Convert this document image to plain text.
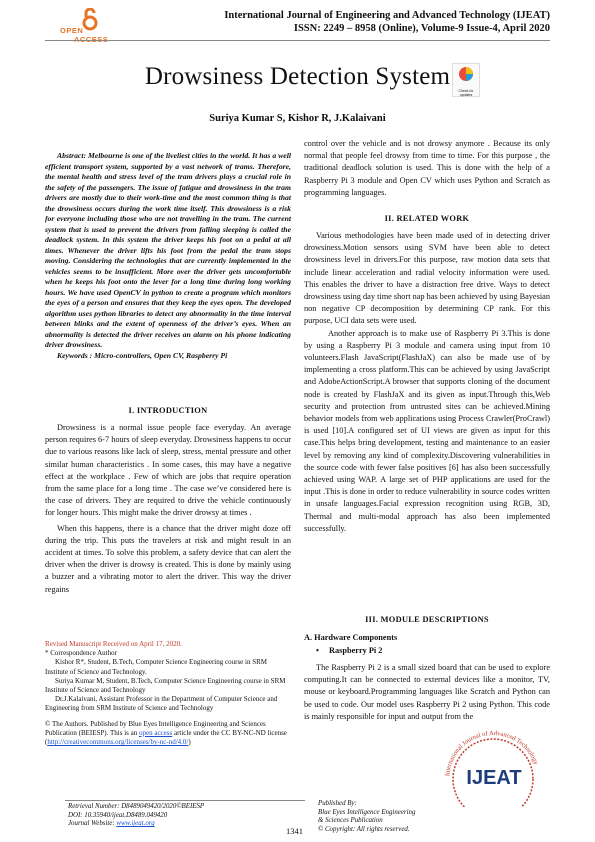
OPEN
International Journal of Engineering and Advanced Technology (IJEAT)
ISSN: 2249 – 8958 (Online), Volume-9 Issue-4, April 2020
Drowsiness Detection System
Check for updates
Suriya Kumar S, Kishor R, J.Kalaivani

Abstract: Melbourne is one of the liveliest cities in the world. It has a well efficient transport system, supported by a vast network of trams. Therefore, the mental health and stress level of the tram drivers plays a crucial role in the safety of the passengers. The issue of fatigue and drowsiness in the tram drivers are mostly due to their work-time and the most common thing is that the drowsiness occurs during the work time itself. This drowsiness is a risk for everyone including those who are not travelling in the tram. The current system that is used to prevent the drivers from falling sleeping is called the deadlock system. In this system the driver keeps his foot on a pedal at all times. Whenever the driver lifts his foot from the pedal the tram stops moving. Considering the technologies that are currently implemented in the vehicles seems to be insufficient. More over the driver gets uncomfortable when he keeps his foot onto the lever for a long time during long working hours. We have used OpenCV in python to create a program which monitors the eyes of a person and ensures that they keep the eyes open. The developed algorithm uses python libraries to detect any abnormality in the time interval between blinks and the extent of openness of the driver’s eyes. When an abnormality is detected the driver receives an alarm on his phone indicating driver drowsiness.

Keywords : Micro-controllers, Open CV, Raspberry Pi

I. INTRODUCTION

Drowsiness is a normal issue people face everyday. An average person requires 6-7 hours of sleep everyday. Drowsiness happens to occur due to various reasons like lack of sleep, stress, mental pressure and other similar human characteristics . In some cases, this may have a negative effect at the workplace . Few of which are jobs that require operation from the same place for a long time . The case we’ve considered here is the case of drivers. They are required to drive the vehicle continuously for longer hours. This might make the driver drowsy at times .

When this happens, there is a chance that the driver might doze off during the trip. This puts the travelers at risk and might result in an accident at times. To solve this problem, a safety device that can alert the driver when the driver is drowsy is created. This is done by mainly using a buzzer and a vibrating motor to alert the driver. This way the driver regains

Revised Manuscript Received on April 17, 2020.
* Correspondence Author
Kishor R*, Student, B.Tech, Computer Science Engineering course in SRM Institute of Science and Technology.
Suriya Kumar M, Student, B.Tech, Computer Science Engineering course in SRM Institute of Science and Technology
Dr.J.Kalaivani, Assistant Professor in the Department of Computer Science and Engineering from SRM Institute of Science and Technology
© The Authors. Published by Blue Eyes Intelligence Engineering and Sciences Publication (BEIESP). This is an open access article under the CC BY-NC-ND license (http://creativecommons.org/licenses/by-nc-nd/4.0/)

control over the vehicle and is not drowsy anymore . Because its only normal that people feel drowsy from time to time. For this purpose , the traditional deadlock solution is used. This is done with the help of a Raspberry Pi 3 module and Open CV which uses Python and Scratch as programming languages.

II. RELATED WORK

Various methodologies have been made used of in detecting driver drowsiness.Motion sensors using SVM have been able to detect drowsiness level in drivers.For this purpose, raw motion data sets that include linear acceleration and radial velocity information were used. This enables the driver to have a distraction free drive. Ways to detect drowsiness using day time short nap has been achieved by using Bayesian non negative CP decomposition by determining CP rank. For this purpose, UCI data sets were used.

Another approach is to make use of Raspberry Pi 3.This is done by using a Raspberry Pi 3 module and camera using input from 10 volunteers.Flash JavaScript(FlashJaX) can also be made use of by implementing a cross platform.This can be achieved by using JavaScript and AdobeActionScript.A browser that supports cloning of the document node is created by FlashJaX and its given as input.Through this,Web security and protection from untrusted sites can be achieved.Mining behavior models from web applications using Process Crawler(ProCrawl) is used [10].A configured set of UI views are given as input for this case.This helps bring development, testing and maintenance to an easier level by removing any kind of complexity.Discovering vulnerabilities in the source code with fewer false positives [6] has also been successfully achieved using WAP. A large set of PHP applications are used for the input .This is done in order to reduce vulnerability in source codes written in unsafe languages.Facial expression recognition using RGB, 3D, Thermal and multi-modal approach has also been implemented successfully.

III. MODULE DESCRIPTIONS
A. Hardware Components
• Raspberry Pi 2

The Raspberry Pi 2 is a small sized board that can be used to explore computing.It can be connected to external devices like a monitor, TV, mouse or keyboard.Programming languages like Scratch and Python can be used to code. Our model uses Raspberry Pi 2 using Python. This code is mainly responsible for input and output from the

International Journal of Advanced Technology
IJEAT
Retrieval Number: D8489049420/2020©BEIESP
DOI: 10.35940/ijeat.D8489.049420
Journal Website: www.ijeat.org
1341
Published By:
Blue Eyes Intelligence Engineering
& Sciences Publication
© Copyright: All rights reserved.
